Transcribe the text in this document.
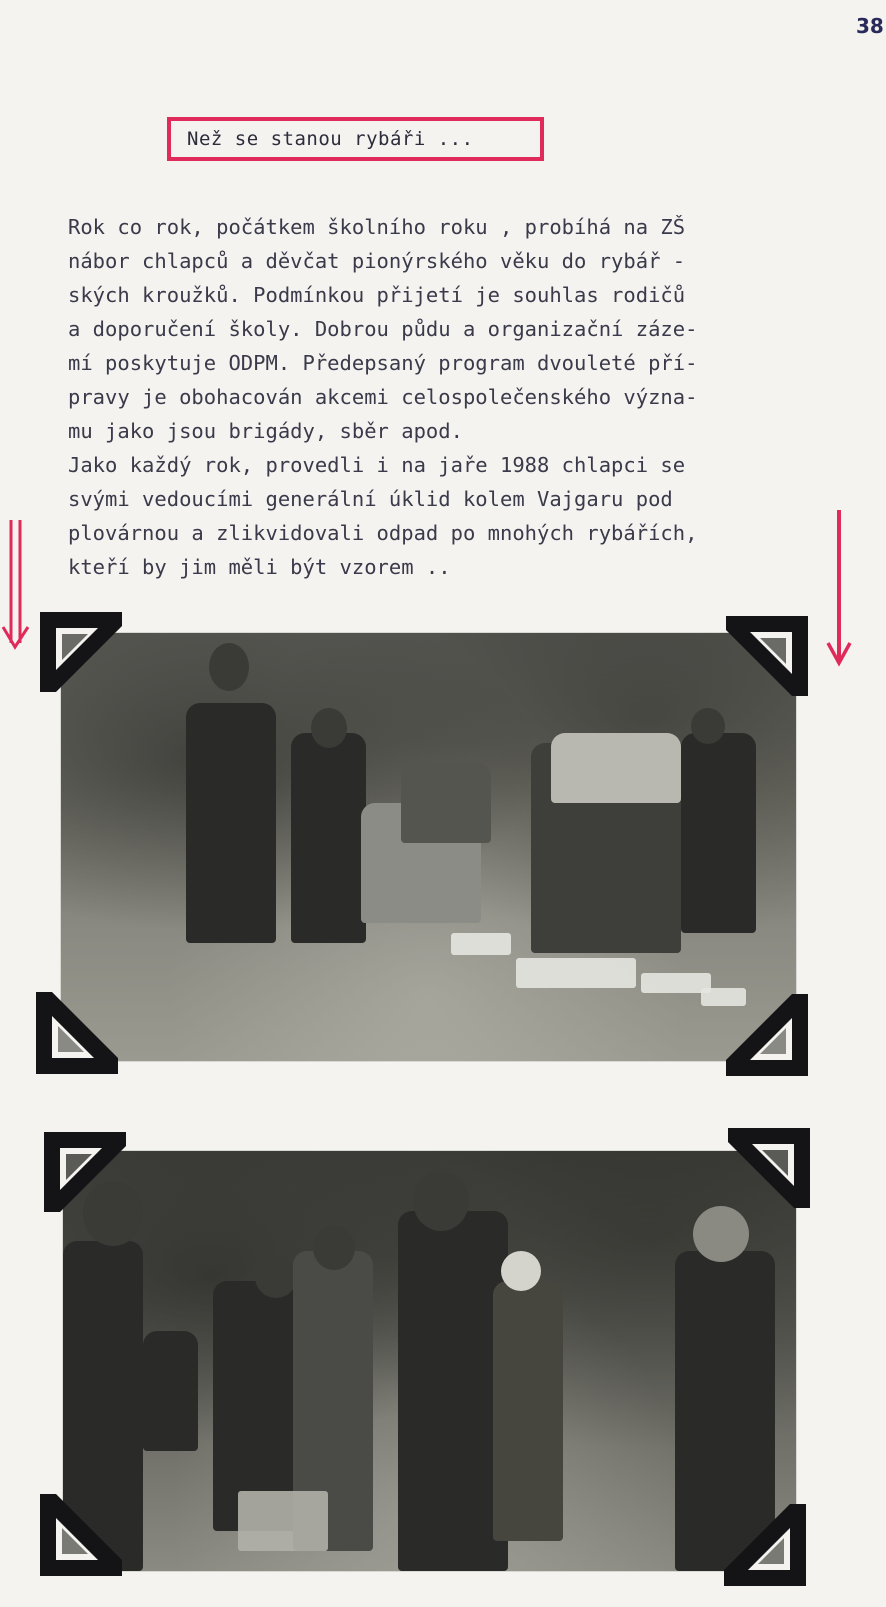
38
Než se stanou rybáři ...
Rok co rok, počátkem školního roku , probíhá na ZŠ
nábor chlapců a děvčat pionýrského věku do rybář -
ských kroužků. Podmínkou přijetí je souhlas rodičů
a doporučení školy. Dobrou půdu a organizační záze-
mí poskytuje ODPM. Předepsaný program dvouleté pří-
pravy je obohacován akcemi celospolečenského význa-
mu jako jsou brigády, sběr apod.
Jako každý rok, provedli i na jaře 1988 chlapci se
svými vedoucími generální úklid kolem Vajgaru pod
plovárnou a zlikvidovali odpad po mnohých rybářích,
kteří by jim měli být vzorem ..
